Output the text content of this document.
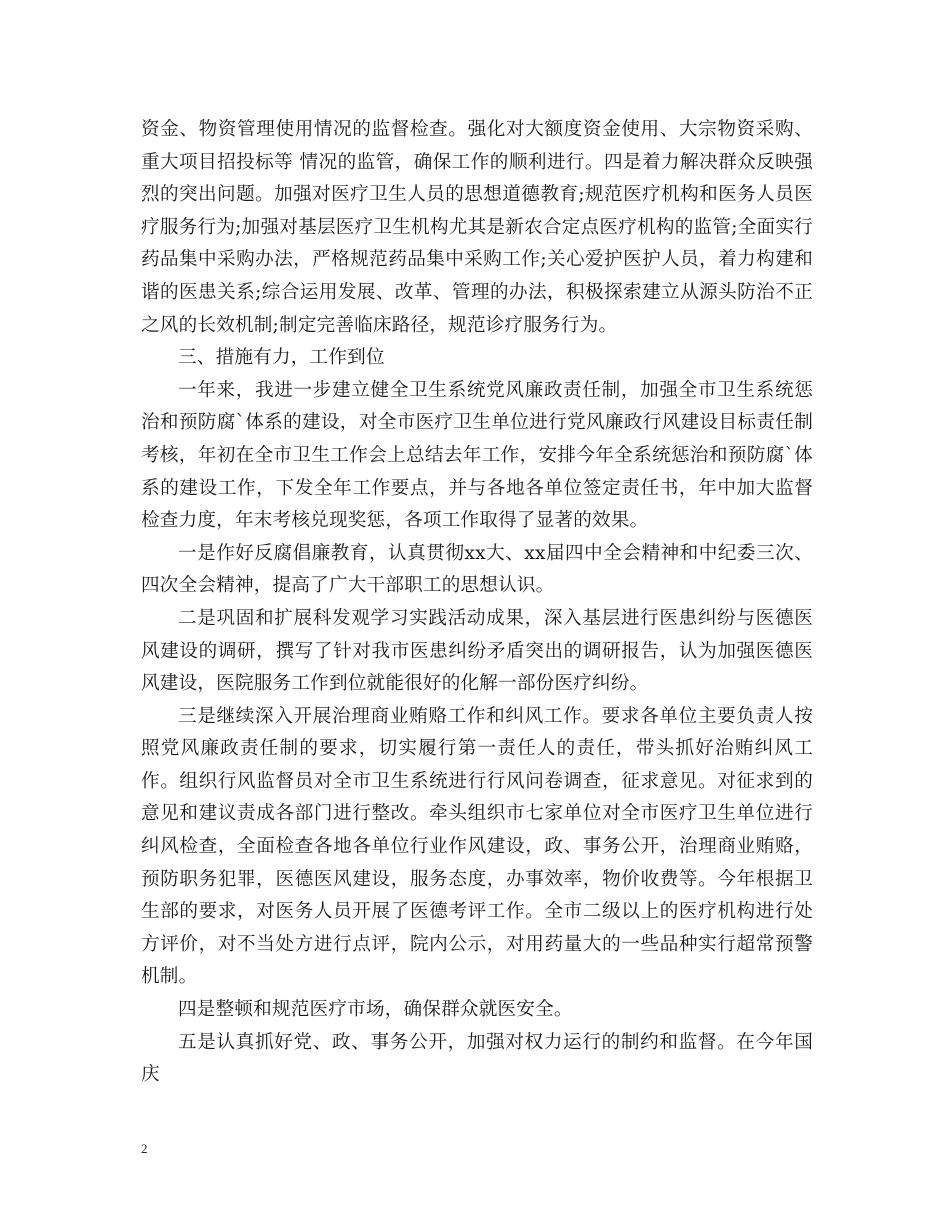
资金、物资管理使用情况的监督检查。强化对大额度资金使用、大宗物资采购、重大项目招投标等 情况的监管，确保工作的顺利进行。四是着力解决群众反映强烈的突出问题。加强对医疗卫生人员的思想道德教育;规范医疗机构和医务人员医疗服务行为;加强对基层医疗卫生机构尤其是新农合定点医疗机构的监管;全面实行药品集中采购办法，严格规范药品集中采购工作;关心爱护医护人员，着力构建和谐的医患关系;综合运用发展、改革、管理的办法，积极探索建立从源头防治不正之风的长效机制;制定完善临床路径，规范诊疗服务行为。

三、措施有力，工作到位

一年来，我进一步建立健全卫生系统党风廉政责任制，加强全市卫生系统惩治和预防腐`体系的建设，对全市医疗卫生单位进行党风廉政行风建设目标责任制考核，年初在全市卫生工作会上总结去年工作，安排今年全系统惩治和预防腐`体系的建设工作，下发全年工作要点，并与各地各单位签定责任书，年中加大监督检查力度，年末考核兑现奖惩，各项工作取得了显著的效果。

一是作好反腐倡廉教育，认真贯彻xx大、xx届四中全会精神和中纪委三次、四次全会精神，提高了广大干部职工的思想认识。

二是巩固和扩展科发观学习实践活动成果，深入基层进行医患纠纷与医德医风建设的调研，撰写了针对我市医患纠纷矛盾突出的调研报告，认为加强医德医风建设，医院服务工作到位就能很好的化解一部份医疗纠纷。

三是继续深入开展治理商业贿赂工作和纠风工作。要求各单位主要负责人按照党风廉政责任制的要求，切实履行第一责任人的责任，带头抓好治贿纠风工作。组织行风监督员对全市卫生系统进行行风问卷调查，征求意见。对征求到的意见和建议责成各部门进行整改。牵头组织市七家单位对全市医疗卫生单位进行纠风检查，全面检查各地各单位行业作风建设，政、事务公开，治理商业贿赂，预防职务犯罪，医德医风建设，服务态度，办事效率，物价收费等。今年根据卫生部的要求，对医务人员开展了医德考评工作。全市二级以上的医疗机构进行处方评价，对不当处方进行点评，院内公示，对用药量大的一些品种实行超常预警机制。

四是整顿和规范医疗市场，确保群众就医安全。

五是认真抓好党、政、事务公开，加强对权力运行的制约和监督。在今年国庆

2
